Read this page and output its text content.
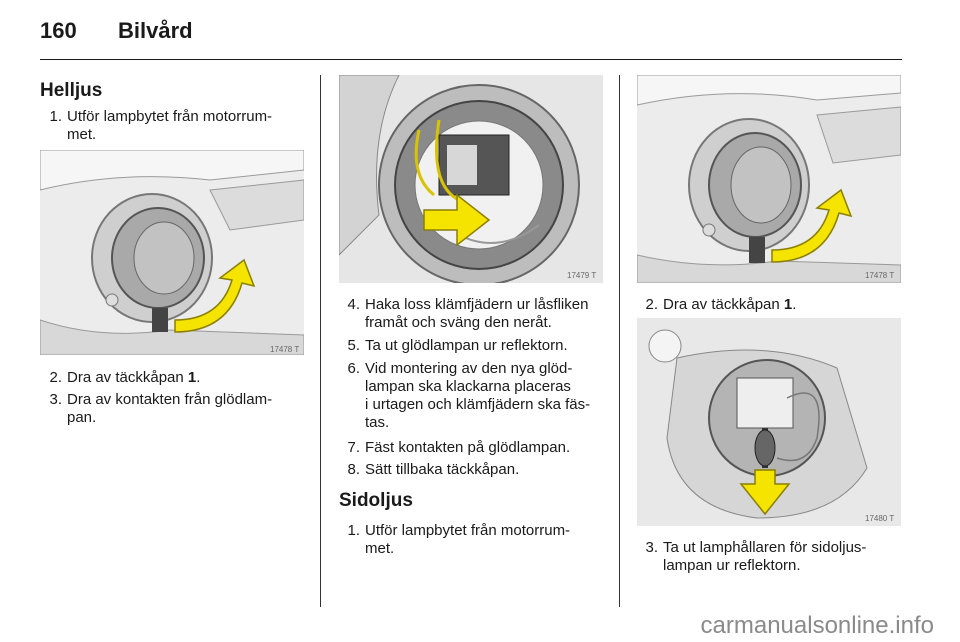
160 Bilvård
Helljus
1. Utför lampbytet från motorrum-
met.
17478 T
2. Dra av täckkåpan 1.
3. Dra av kontakten från glödlam-
pan.
17479 T
4. Haka loss klämfjädern ur låsfliken
framåt och sväng den neråt.
5. Ta ut glödlampan ur reflektorn.
6. Vid montering av den nya glöd-
lampan ska klackarna placeras
i urtagen och klämfjädern ska fäs-
tas.
7. Fäst kontakten på glödlampan.
8. Sätt tillbaka täckkåpan.
Sidoljus
1. Utför lampbytet från motorrum-
met.
17478 T
2. Dra av täckkåpan 1.
17480 T
3. Ta ut lamphållaren för sidoljus-
lampan ur reflektorn.
carmanualsonline.info
